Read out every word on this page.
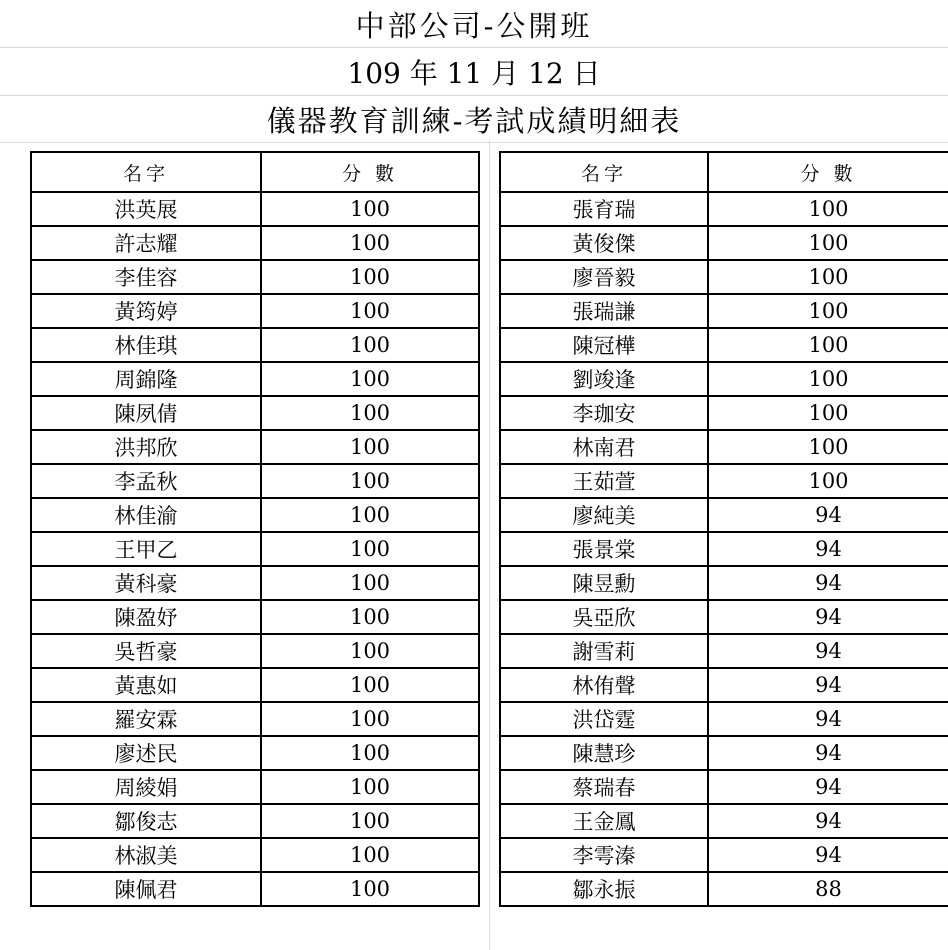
中部公司-公開班
109 年 11 月 12 日
儀器教育訓練-考試成績明細表
名字	分 數
洪英展	100
許志耀	100
李佳容	100
黃筠婷	100
林佳琪	100
周錦隆	100
陳夙倩	100
洪邦欣	100
李孟秋	100
林佳渝	100
王甲乙	100
黃科豪	100
陳盈妤	100
吳哲豪	100
黃惠如	100
羅安霖	100
廖述民	100
周綾娟	100
鄒俊志	100
林淑美	100
陳佩君	100
名字	分 數
張育瑞	100
黃俊傑	100
廖晉毅	100
張瑞謙	100
陳冠樺	100
劉竣逢	100
李珈安	100
林南君	100
王茹萱	100
廖純美	94
張景棠	94
陳昱勳	94
吳亞欣	94
謝雪莉	94
林侑聲	94
洪岱霆	94
陳慧珍	94
蔡瑞春	94
王金鳳	94
李雩溱	94
鄒永振	88
